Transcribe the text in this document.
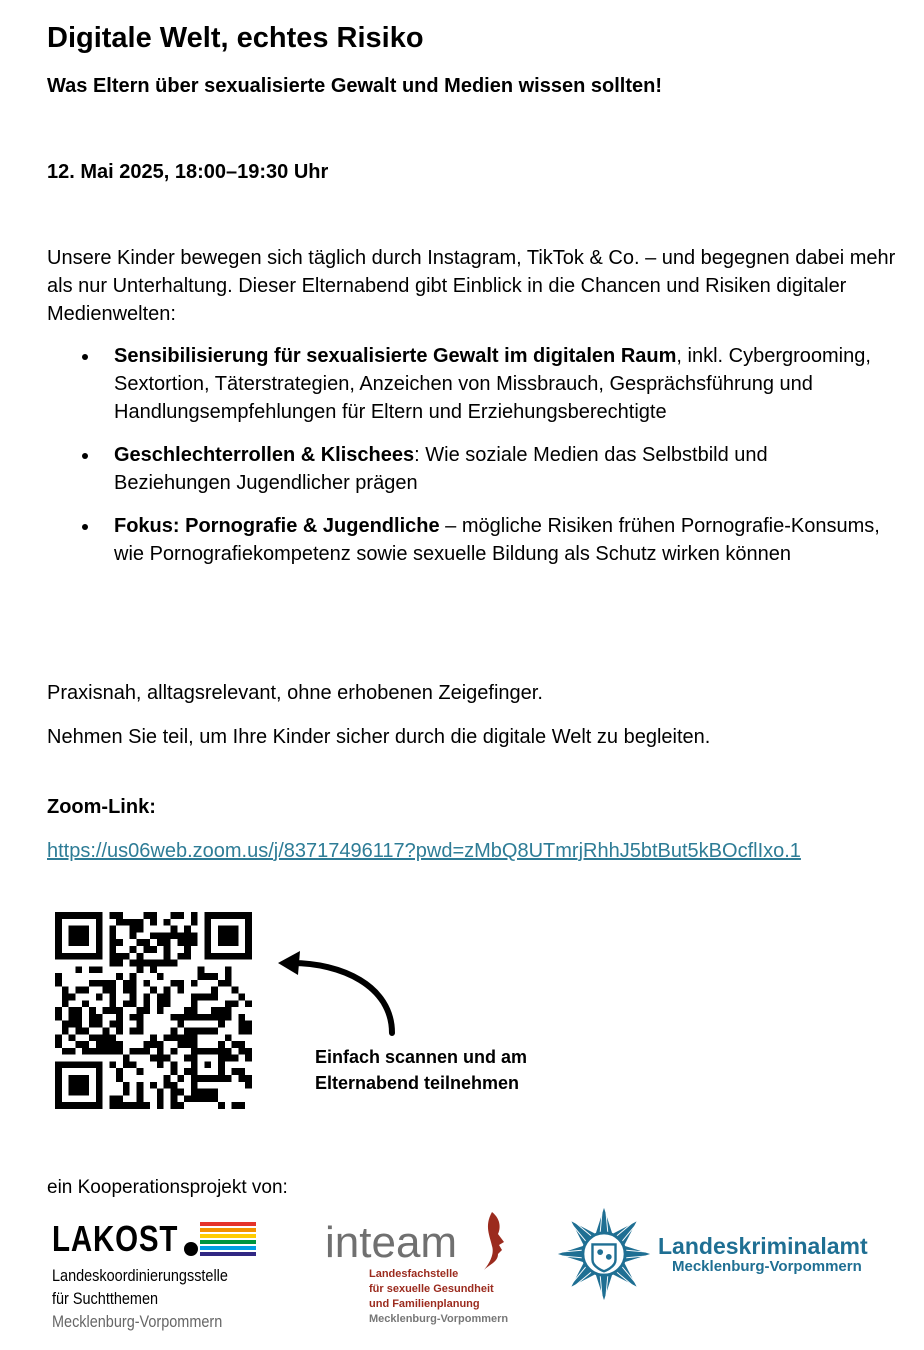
Digitale Welt, echtes Risiko
Was Eltern über sexualisierte Gewalt und Medien wissen sollten!
12. Mai 2025, 18:00–19:30 Uhr
Unsere Kinder bewegen sich täglich durch Instagram, TikTok & Co. – und begegnen dabei mehr als nur Unterhaltung. Dieser Elternabend gibt Einblick in die Chancen und Risiken digitaler Medienwelten:
Sensibilisierung für sexualisierte Gewalt im digitalen Raum, inkl. Cybergrooming, Sextortion, Täterstrategien, Anzeichen von Missbrauch, Gesprächsführung und Handlungsempfehlungen für Eltern und Erziehungsberechtigte
Geschlechterrollen & Klischees: Wie soziale Medien das Selbstbild und Beziehungen Jugendlicher prägen
Fokus: Pornografie & Jugendliche – mögliche Risiken frühen Pornografie-Konsums, wie Pornografiekompetenz sowie sexuelle Bildung als Schutz wirken können
Praxisnah, alltagsrelevant, ohne erhobenen Zeigefinger.
Nehmen Sie teil, um Ihre Kinder sicher durch die digitale Welt zu begleiten.
Zoom-Link:
https://us06web.zoom.us/j/83717496117?pwd=zMbQ8UTmrjRhhJ5btBut5kBOcflIxo.1
Einfach scannen und am Elternabend teilnehmen
ein Kooperationsprojekt von:
LAKOST
Landeskoordinierungsstelle
für Suchtthemen
Mecklenburg-Vorpommern
inteam
Landesfachstelle
für sexuelle Gesundheit
und Familienplanung
Mecklenburg-Vorpommern
Landeskriminalamt
Mecklenburg-Vorpommern
